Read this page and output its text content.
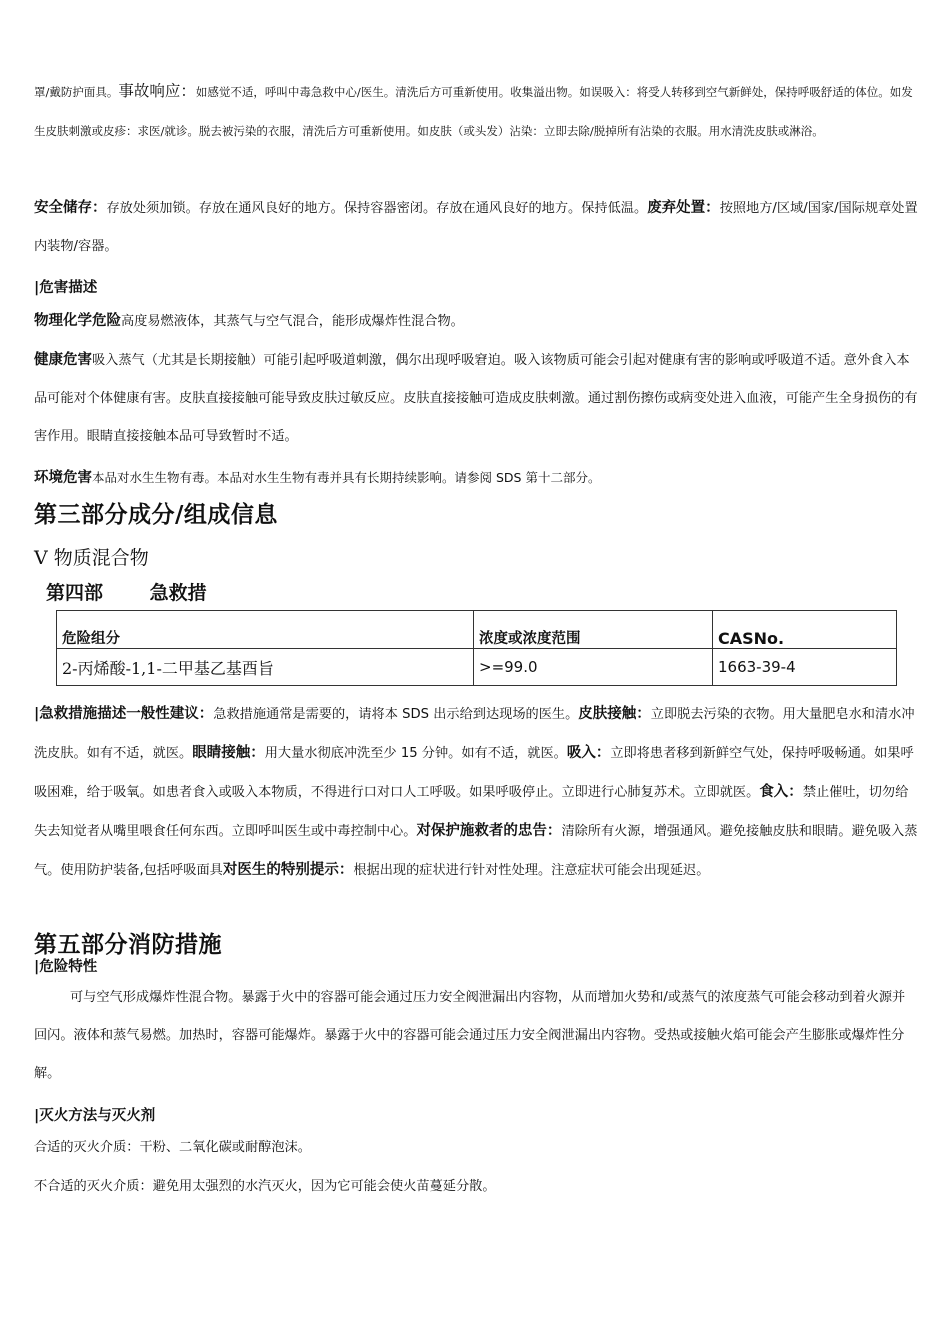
罩/戴防护面具。事故响应：如感觉不适，呼叫中毒急救中心/医生。清洗后方可重新使用。收集溢出物。如误吸入：将受人转移到空气新鲜处，保持呼吸舒适的体位。如发生皮肤刺激或皮疹：求医/就诊。脱去被污染的衣服，清洗后方可重新使用。如皮肤（或头发）沾染：立即去除/脱掉所有沾染的衣服。用水清洗皮肤或淋浴。

安全储存：存放处须加锁。存放在通风良好的地方。保持容器密闭。存放在通风良好的地方。保持低温。废弃处置：按照地方/区域/国家/国际规章处置内装物/容器。

|危害描述

物理化学危险高度易燃液体，其蒸气与空气混合，能形成爆炸性混合物。

健康危害吸入蒸气（尤其是长期接触）可能引起呼吸道刺激，偶尔出现呼吸窘迫。吸入该物质可能会引起对健康有害的影响或呼吸道不适。意外食入本品可能对个体健康有害。皮肤直接接触可能导致皮肤过敏反应。皮肤直接接触可造成皮肤刺激。通过割伤擦伤或病变处进入血液，可能产生全身损伤的有害作用。眼睛直接接触本品可导致暂时不适。

环境危害本品对水生生物有毒。本品对水生生物有毒并具有长期持续影响。请参阅 SDS 第十二部分。

第三部分成分/组成信息
V 物质混合物
第四部 急救措
危险组分	浓度或浓度范围	CASNo.
2-丙烯酸-1,1-二甲基乙基酉旨	>=99.0	1663-39-4

|急救措施描述一般性建议：急救措施通常是需要的，请将本 SDS 出示给到达现场的医生。皮肤接触：立即脱去污染的衣物。用大量肥皂水和清水冲洗皮肤。如有不适，就医。眼睛接触：用大量水彻底冲洗至少 15 分钟。如有不适，就医。吸入：立即将患者移到新鲜空气处，保持呼吸畅通。如果呼吸困难，给于吸氧。如患者食入或吸入本物质，不得进行口对口人工呼吸。如果呼吸停止。立即进行心肺复苏术。立即就医。食入：禁止催吐，切勿给失去知觉者从嘴里喂食任何东西。立即呼叫医生或中毒控制中心。对保护施救者的忠告：清除所有火源，增强通风。避免接触皮肤和眼睛。避免吸入蒸气。使用防护装备,包括呼吸面具对医生的特别提示：根据出现的症状进行针对性处理。注意症状可能会出现延迟。

第五部分消防措施
|危险特性

可与空气形成爆炸性混合物。暴露于火中的容器可能会通过压力安全阀泄漏出内容物，从而增加火势和/或蒸气的浓度蒸气可能会移动到着火源并回闪。液体和蒸气易燃。加热时，容器可能爆炸。暴露于火中的容器可能会通过压力安全阀泄漏出内容物。受热或接触火焰可能会产生膨胀或爆炸性分解。

|灭火方法与灭火剂

合适的灭火介质：干粉、二氧化碳或耐醇泡沫。

不合适的灭火介质：避免用太强烈的水汽灭火，因为它可能会使火苗蔓延分散。
